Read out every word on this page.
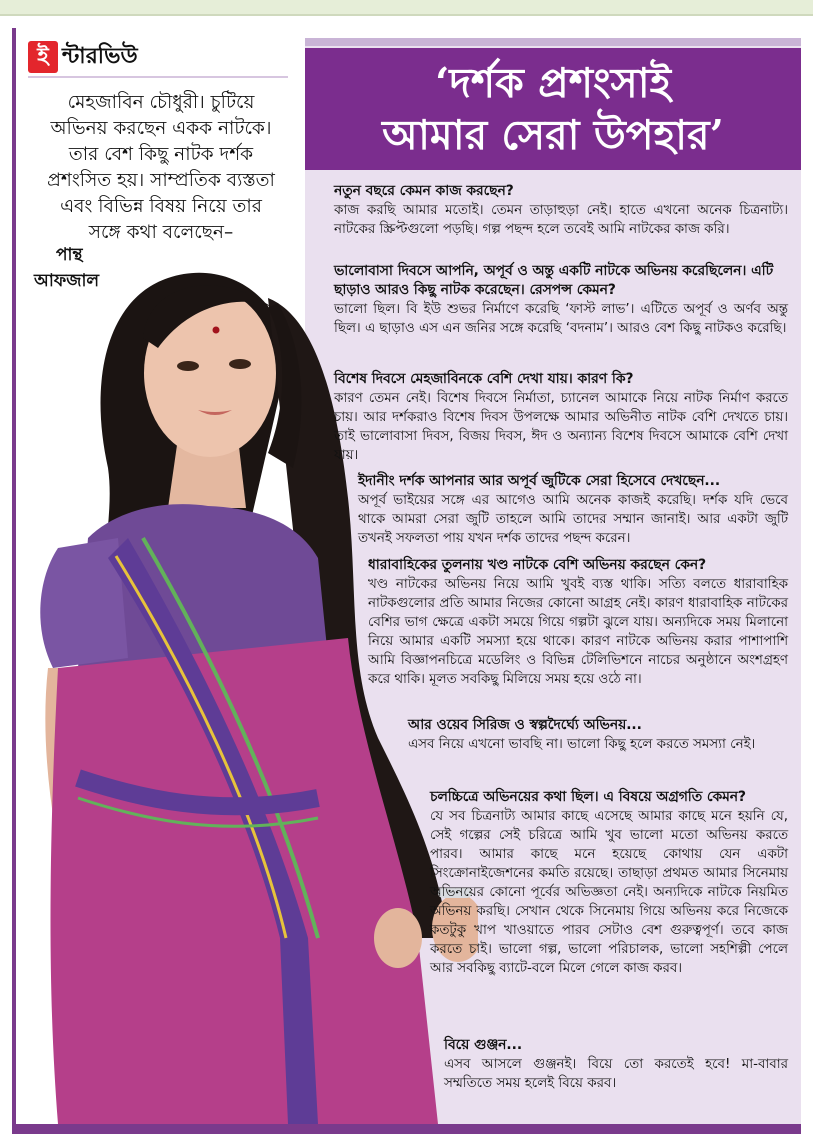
ই ন্টারভিউ
মেহজাবিন চৌধুরী। চুটিয়ে
অভিনয় করছেন একক নাটকে।
তার বেশ কিছু নাটক দর্শক
প্রশংসিত হয়। সাম্প্রতিক ব্যস্ততা
এবং বিভিন্ন বিষয় নিয়ে তার
সঙ্গে কথা বলেছেন–
পান্থ
আফজাল
‘দর্শক প্রশংসাই
আমার সেরা উপহার’
নতুন বছরে কেমন কাজ করছেন?
কাজ করছি আমার মতোই। তেমন তাড়াহুড়া নেই। হাতে এখনো অনেক চিত্রনাট্য। নাটকের স্ক্রিপ্টগুলো পড়ছি। গল্প পছন্দ হলে তবেই আমি নাটকের কাজ করি।
ভালোবাসা দিবসে আপনি, অপূর্ব ও অন্তু একটি নাটকে অভিনয় করেছিলেন। এটি ছাড়াও আরও কিছু নাটক করেছেন। রেসপন্স কেমন?
ভালো ছিল। বি ইউ শুভর নির্মাণে করেছি ‘ফাস্ট লাভ’। এটিতে অপূর্ব ও অর্ণব অন্তু ছিল। এ ছাড়াও এস এন জনির সঙ্গে করেছি ‘বদনাম’। আরও বেশ কিছু নাটকও করেছি।
বিশেষ দিবসে মেহজাবিনকে বেশি দেখা যায়। কারণ কি?
কারণ তেমন নেই। বিশেষ দিবসে নির্মাতা, চ্যানেল আমাকে নিয়ে নাটক নির্মাণ করতে চায়। আর দর্শকরাও বিশেষ দিবস উপলক্ষে আমার অভিনীত নাটক বেশি দেখতে চায়। তাই ভালোবাসা দিবস, বিজয় দিবস, ঈদ ও অন্যান্য বিশেষ দিবসে আমাকে বেশি দেখা যায়।
ইদানীং দর্শক আপনার আর অপূর্ব জুটিকে সেরা হিসেবে দেখছেন...
অপূর্ব ভাইয়ের সঙ্গে এর আগেও আমি অনেক কাজই করেছি। দর্শক যদি ভেবে থাকে আমরা সেরা জুটি তাহলে আমি তাদের সম্মান জানাই। আর একটা জুটি তখনই সফলতা পায় যখন দর্শক তাদের পছন্দ করেন।
ধারাবাহিকের তুলনায় খণ্ড নাটকে বেশি অভিনয় করছেন কেন?
খণ্ড নাটকের অভিনয় নিয়ে আমি খুবই ব্যস্ত থাকি। সত্যি বলতে ধারাবাহিক নাটকগুলোর প্রতি আমার নিজের কোনো আগ্রহ নেই। কারণ ধারাবাহিক নাটকের বেশির ভাগ ক্ষেত্রে একটা সময়ে গিয়ে গল্পটা ঝুলে যায়। অন্যদিকে সময় মিলানো নিয়ে আমার একটি সমস্যা হয়ে থাকে। কারণ নাটকে অভিনয় করার পাশাপাশি আমি বিজ্ঞাপনচিত্রে মডেলিং ও বিভিন্ন টেলিভিশনে নাচের অনুষ্ঠানে অংশগ্রহণ করে থাকি। মূলত সবকিছু মিলিয়ে সময় হয়ে ওঠে না।
আর ওয়েব সিরিজ ও স্বল্পদৈর্ঘ্যে অভিনয়...
এসব নিয়ে এখনো ভাবছি না। ভালো কিছু হলে করতে সমস্যা নেই।
চলচ্চিত্রে অভিনয়ের কথা ছিল। এ বিষয়ে অগ্রগতি কেমন?
যে সব চিত্রনাট্য আমার কাছে এসেছে আমার কাছে মনে হয়নি যে, সেই গল্পের সেই চরিত্রে আমি খুব ভালো মতো অভিনয় করতে পারব। আমার কাছে মনে হয়েছে কোথায় যেন একটা সিংক্রোনাইজেশনের কমতি রয়েছে। তাছাড়া প্রথমত আমার সিনেমায় অভিনয়ের কোনো পূর্বের অভিজ্ঞতা নেই। অন্যদিকে নাটকে নিয়মিত অভিনয় করছি। সেখান থেকে সিনেমায় গিয়ে অভিনয় করে নিজেকে কতটুকু খাপ খাওয়াতে পারব সেটাও বেশ গুরুত্বপূর্ণ। তবে কাজ করতে চাই। ভালো গল্প, ভালো পরিচালক, ভালো সহশিল্পী পেলে আর সবকিছু ব্যাটে-বলে মিলে গেলে কাজ করব।
বিয়ে গুঞ্জন...
এসব আসলে গুঞ্জনই। বিয়ে তো করতেই হবে! মা-বাবার সম্মতিতে সময় হলেই বিয়ে করব।
